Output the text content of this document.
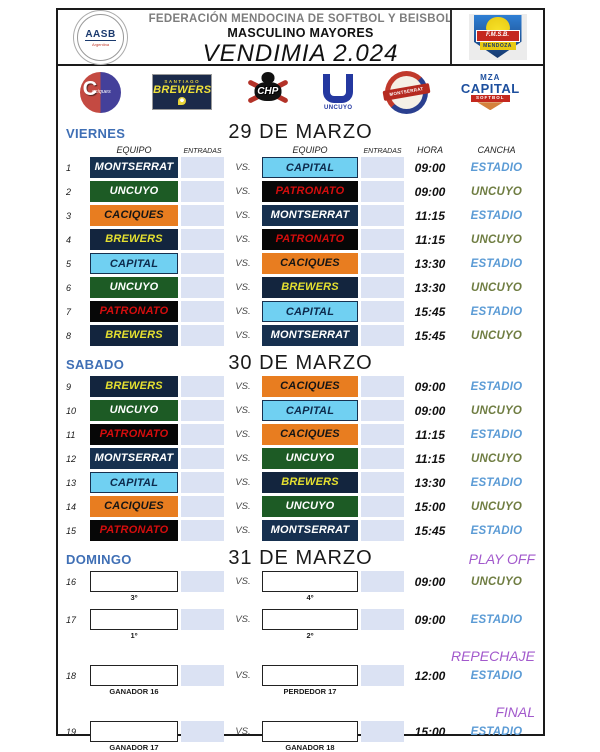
AASB
Argentina
FEDERACIÓN MENDOCINA DE SOFTBOL Y BEISBOL
MASCULINO MAYORES
VENDIMIA 2.024
F.M.S.B.
MENDOZA
C
aciques
SANTIAGO
BREWERS	CHP
UNCUYO
MONTSERRAT
MZA
CAPITAL
SOFTBOL
VIERNES	29 DE MARZO
EQUIPO	ENTRADAS	EQUIPO	ENTRADAS	HORA	CANCHA
1	MONTSERRAT	VS.	CAPITAL	09:00	ESTADIO
2	UNCUYO	VS.	PATRONATO	09:00	UNCUYO
3	CACIQUES	VS.	MONTSERRAT	11:15	ESTADIO
4	BREWERS	VS.	PATRONATO	11:15	UNCUYO
5	CAPITAL	VS.	CACIQUES	13:30	ESTADIO
6	UNCUYO	VS.	BREWERS	13:30	UNCUYO
7	PATRONATO	VS.	CAPITAL	15:45	ESTADIO
8	BREWERS	VS.	MONTSERRAT	15:45	UNCUYO
SABADO	30 DE MARZO
9	BREWERS	VS.	CACIQUES	09:00	ESTADIO
10	UNCUYO	VS.	CAPITAL	09:00	UNCUYO
11	PATRONATO	VS.	CACIQUES	11:15	ESTADIO
12	MONTSERRAT	VS.	UNCUYO	11:15	UNCUYO
13	CAPITAL	VS.	BREWERS	13:30	ESTADIO
14	CACIQUES	VS.	UNCUYO	15:00	UNCUYO
15	PATRONATO	VS.	MONTSERRAT	15:45	ESTADIO
DOMINGO	31 DE MARZO	PLAY OFF
16	VS.	09:00	UNCUYO
3º	4º
17	VS.	09:00	ESTADIO
1º	2º
REPECHAJE
18	VS.	12:00	ESTADIO
GANADOR 16	PERDEDOR 17
FINAL
19	VS.	15:00	ESTADIO
GANADOR 17	GANADOR 18
